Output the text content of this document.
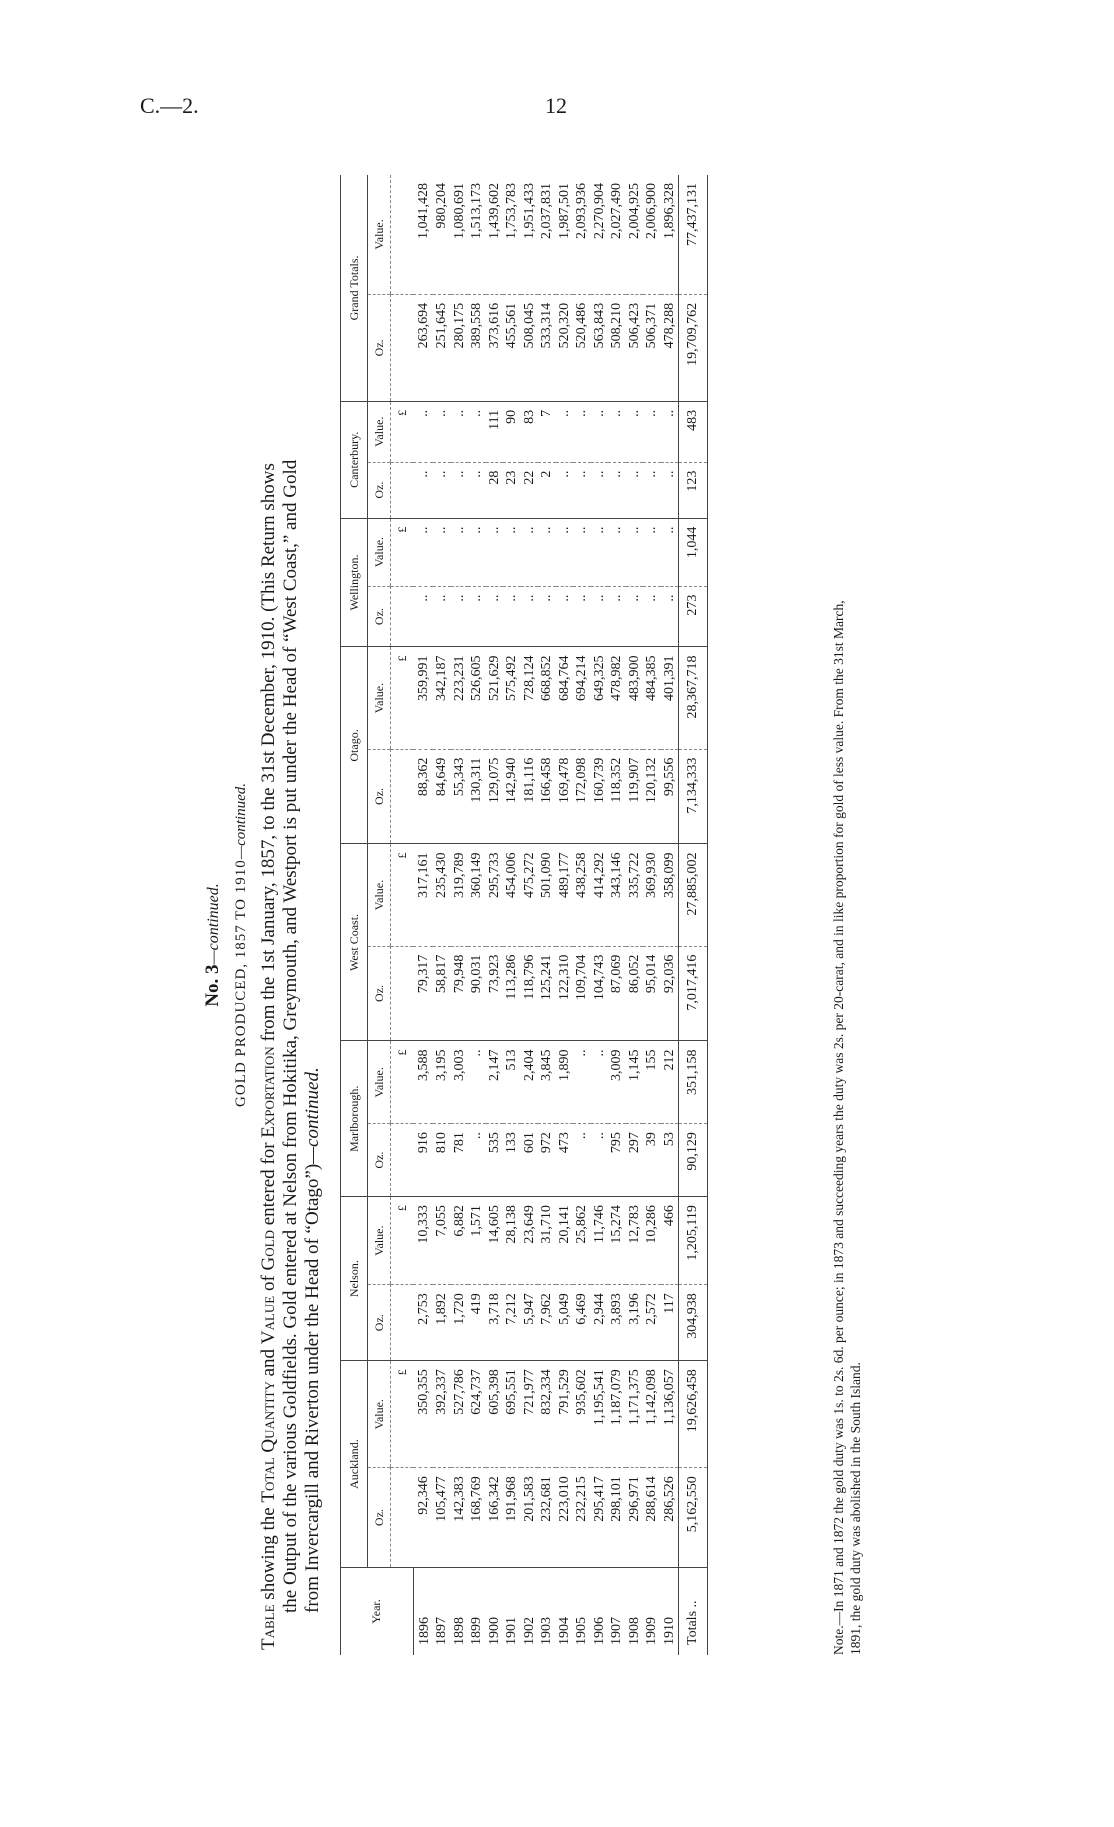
C.—2.	12
No. 3—continued. GOLD PRODUCED, 1857 TO 1910—continued.

Table showing the Total Quantity and Value of Gold entered for Exportation from the 1st January, 1857, to the 31st December, 1910. (This Return shows the Output of the various Goldfields. Gold entered at Nelson from Hokitika, Greymouth, and Westport is put under the Head of “West Coast,” and Gold from Invercargill and Riverton under the Head of “Otago”)—continued.

Year.	Auckland.		Nelson.		Marlborough.		West Coast.		Otago.		Wellington.		Canterbury.		Grand Totals.	
	Oz.	Value.	Oz.	Value.	Oz.	Value.	Oz.	Value.	Oz.	Value.	Oz.	Value.	Oz.	Value.	Oz.	Value.
		£		£		£		£		£		£		£		
1896	92,346	350,355	2,753	10,333	916	3,588	79,317	317,161	88,362	359,991	..	..	..	..	263,694	1,041,428
1897	105,477	392,337	1,892	7,055	810	3,195	58,817	235,430	84,649	342,187	..	..	..	..	251,645	980,204
1898	142,383	527,786	1,720	6,882	781	3,003	79,948	319,789	55,343	223,231	..	..	..	..	280,175	1,080,691
1899	168,769	624,737	419	1,571	..	..	90,031	360,149	130,311	526,605	..	..	..	..	389,558	1,513,173
1900	166,342	605,398	3,718	14,605	535	2,147	73,923	295,733	129,075	521,629	..	..	28	111	373,616	1,439,602
1901	191,968	695,551	7,212	28,138	133	513	113,286	454,006	142,940	575,492	..	..	23	90	455,561	1,753,783
1902	201,583	721,977	5,947	23,649	601	2,404	118,796	475,272	181,116	728,124	..	..	22	83	508,045	1,951,433
1903	232,681	832,334	7,962	31,710	972	3,845	125,241	501,090	166,458	668,852	..	..	2	7	533,314	2,037,831
1904	223,010	791,529	5,049	20,141	473	1,890	122,310	489,177	169,478	684,764	..	..	..	..	520,320	1,987,501
1905	232,215	935,602	6,469	25,862	..	..	109,704	438,258	172,098	694,214	..	..	..	..	520,486	2,093,936
1906	295,417	1,195,541	2,944	11,746	..	..	104,743	414,292	160,739	649,325	..	..	..	..	563,843	2,270,904
1907	298,101	1,187,079	3,893	15,274	795	3,009	87,069	343,146	118,352	478,982	..	..	..	..	508,210	2,027,490
1908	296,971	1,171,375	3,196	12,783	297	1,145	86,052	335,722	119,907	483,900	..	..	..	..	506,423	2,004,925
1909	288,614	1,142,098	2,572	10,286	39	155	95,014	369,930	120,132	484,385	..	..	..	..	506,371	2,006,900
1910	286,526	1,136,057	117	466	53	212	92,036	358,099	99,556	401,391	..	..	..	..	478,288	1,896,328
Totals ..	5,162,550	19,626,458	304,938	1,205,119	90,129	351,158	7,017,416	27,885,002	7,134,333	28,367,718	273	1,044	123	483	19,709,762	77,437,131

Note.—In 1871 and 1872 the gold duty was 1s. to 2s. 6d. per ounce; in 1873 and succeeding years the duty was 2s. per 20-carat, and in like proportion for gold of less value. From the 31st March, 1891, the gold duty was abolished in the South Island.
